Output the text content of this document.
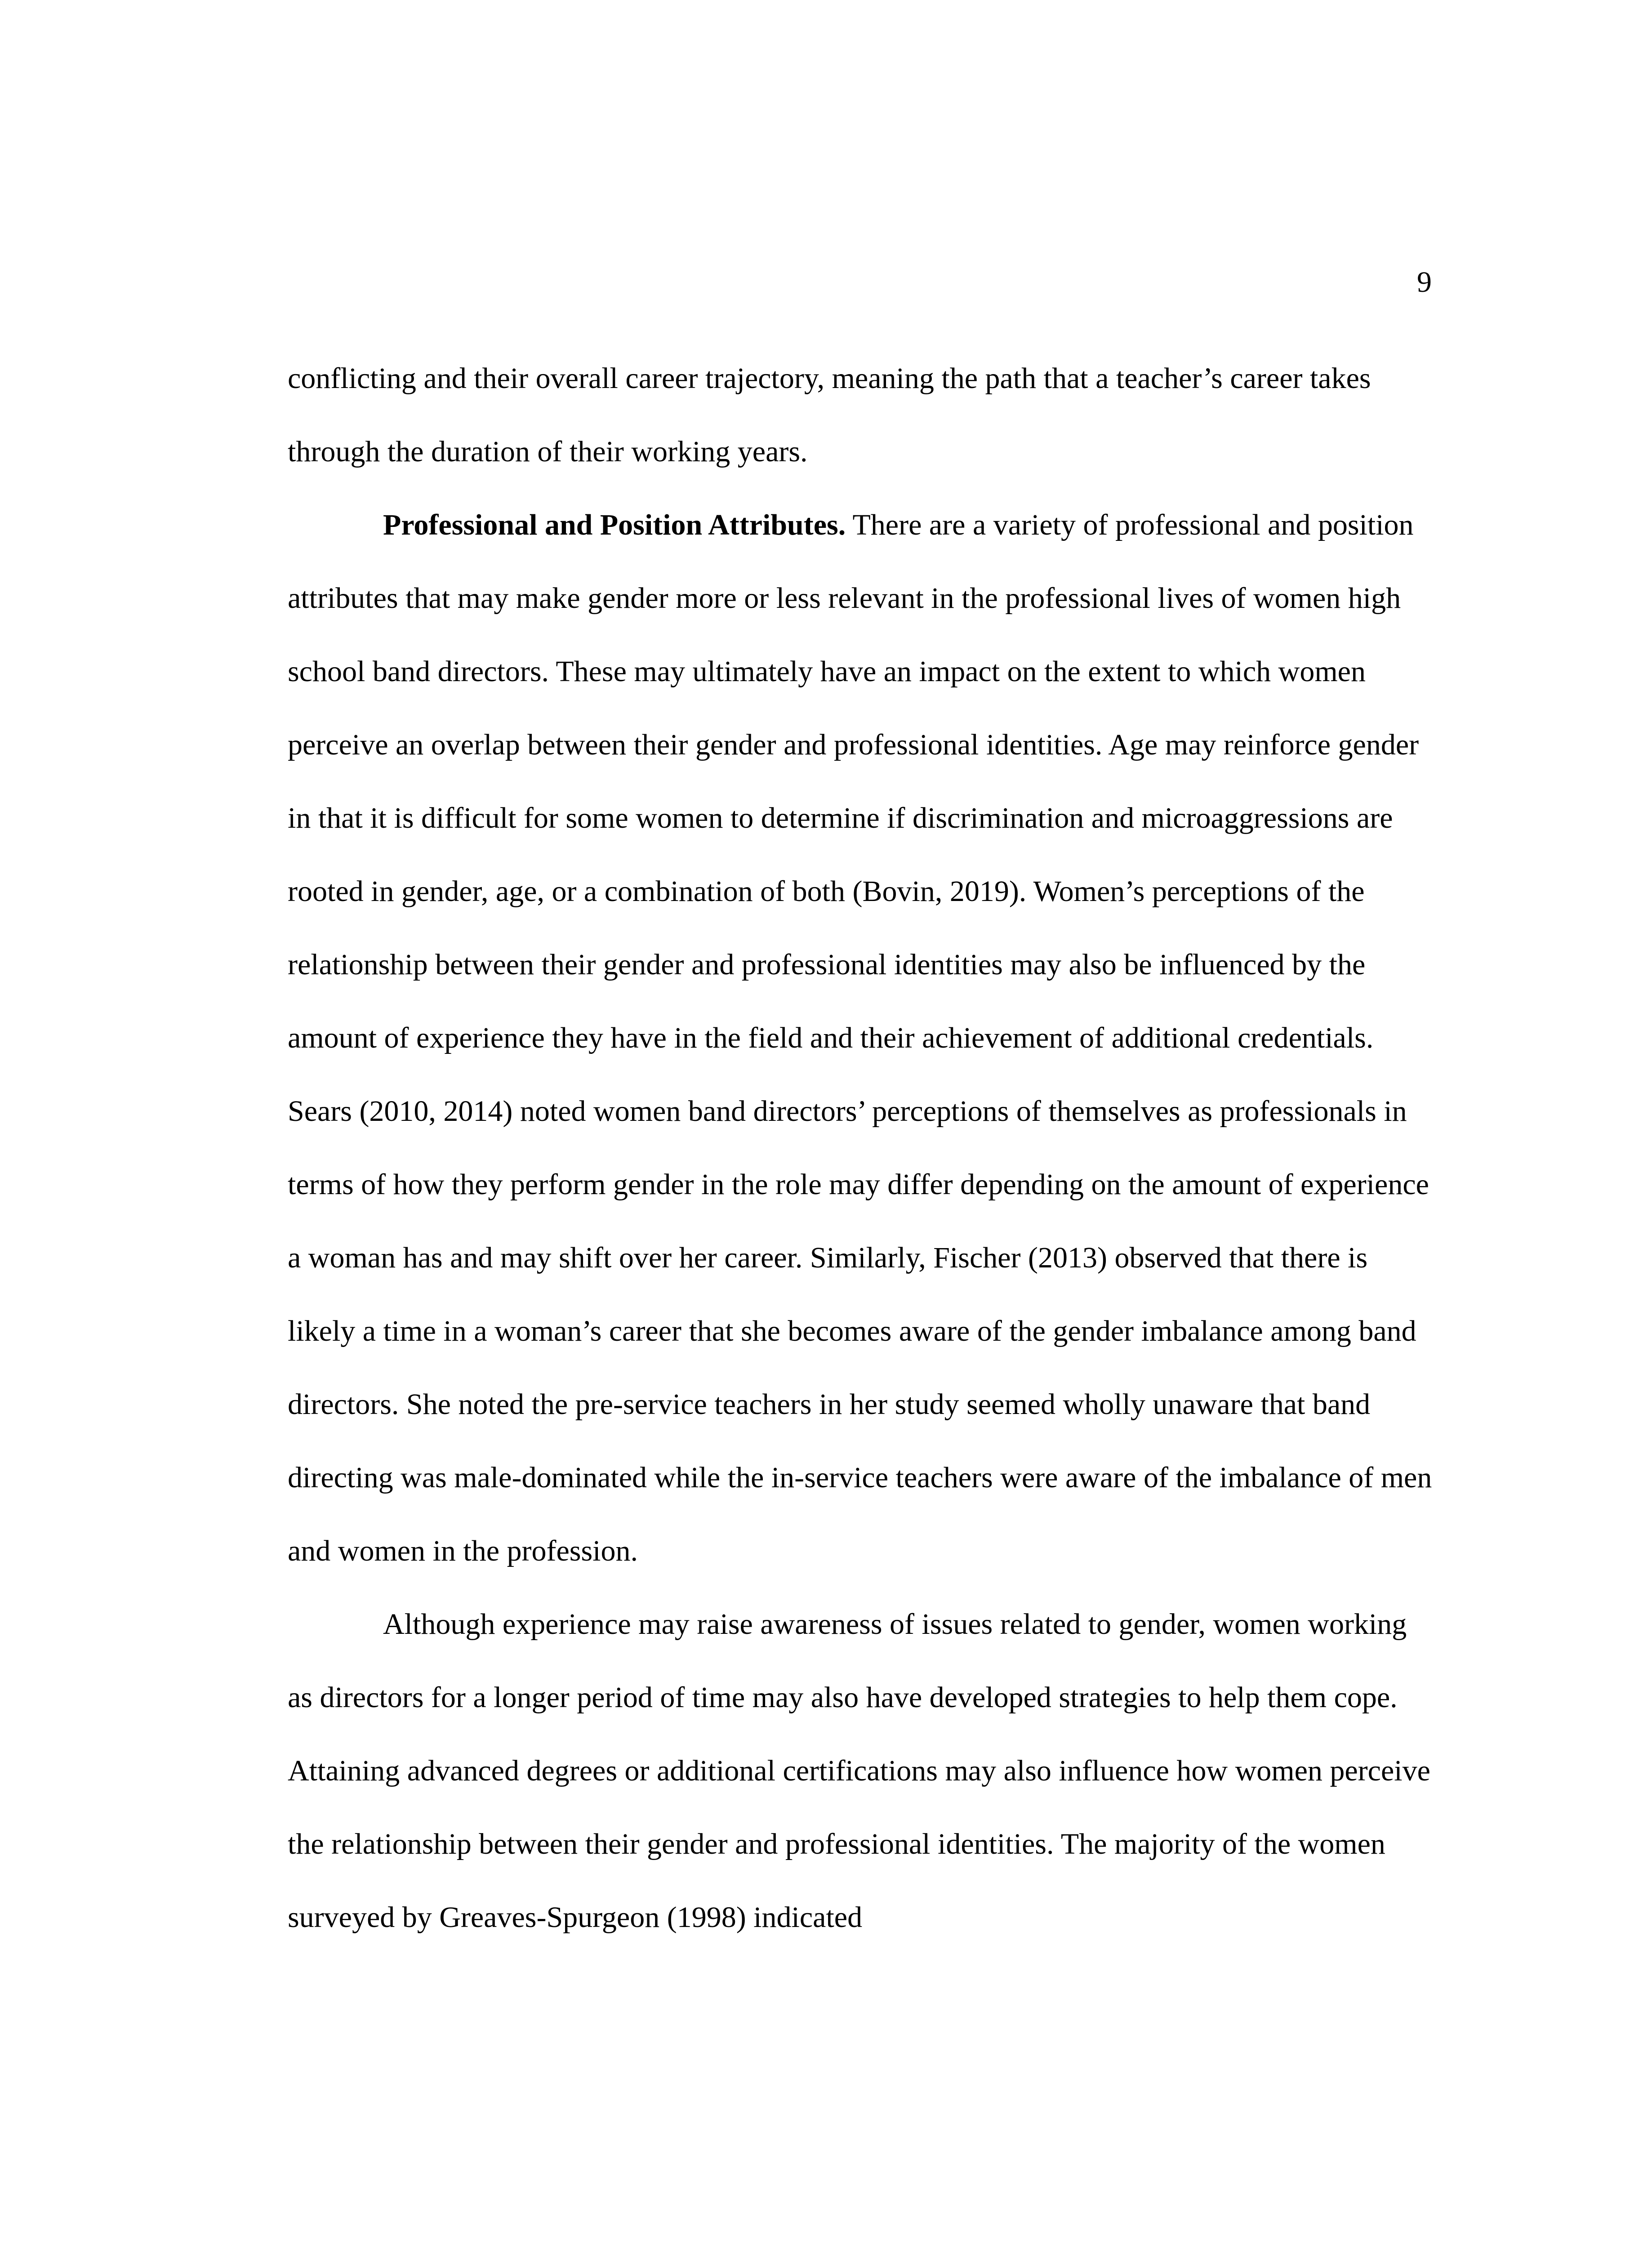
9

conflicting and their overall career trajectory, meaning the path that a teacher’s career takes through the duration of their working years.

Professional and Position Attributes. There are a variety of professional and position attributes that may make gender more or less relevant in the professional lives of women high school band directors. These may ultimately have an impact on the extent to which women perceive an overlap between their gender and professional identities. Age may reinforce gender in that it is difficult for some women to determine if discrimination and microaggressions are rooted in gender, age, or a combination of both (Bovin, 2019). Women’s perceptions of the relationship between their gender and professional identities may also be influenced by the amount of experience they have in the field and their achievement of additional credentials. Sears (2010, 2014) noted women band directors’ perceptions of themselves as professionals in terms of how they perform gender in the role may differ depending on the amount of experience a woman has and may shift over her career. Similarly, Fischer (2013) observed that there is likely a time in a woman’s career that she becomes aware of the gender imbalance among band directors. She noted the pre-service teachers in her study seemed wholly unaware that band directing was male-dominated while the in-service teachers were aware of the imbalance of men and women in the profession.

Although experience may raise awareness of issues related to gender, women working as directors for a longer period of time may also have developed strategies to help them cope. Attaining advanced degrees or additional certifications may also influence how women perceive the relationship between their gender and professional identities. The majority of the women surveyed by Greaves-Spurgeon (1998) indicated
